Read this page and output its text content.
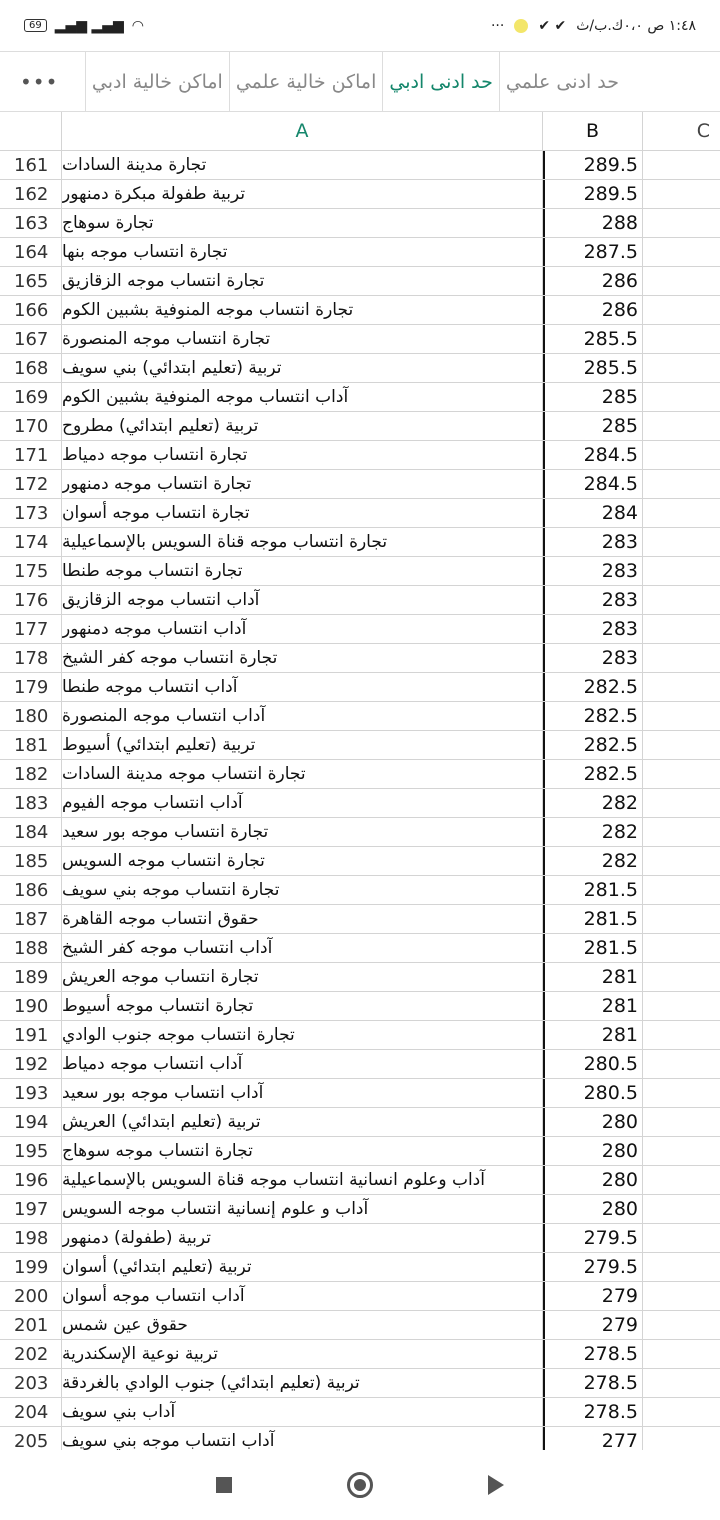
69 ▂▄▆ ▂▄▆ ◠	··· ✔ ✔ ١:٤٨ ص ٠،٠ك.ب/ث
حد ادنى علمي
حد ادنى ادبي
اماكن خالية علمي
اماكن خالية ادبي
•••
A	B	C
161 تجارة مدينة السادات	289.5
162 تربية طفولة مبكرة دمنهور	289.5
163 تجارة سوهاج	288
164 تجارة انتساب موجه بنها	287.5
165 تجارة انتساب موجه الزقازيق	286
166 تجارة انتساب موجه المنوفية بشبين الكوم	286
167 تجارة انتساب موجه المنصورة	285.5
168 تربية (تعليم ابتدائي) بني سويف	285.5
169 آداب انتساب موجه المنوفية بشبين الكوم	285
170 تربية (تعليم ابتدائي) مطروح	285
171 تجارة انتساب موجه دمياط	284.5
172 تجارة انتساب موجه دمنهور	284.5
173 تجارة انتساب موجه أسوان	284
174 تجارة انتساب موجه قناة السويس بالإسماعيلية	283
175 تجارة انتساب موجه طنطا	283
176 آداب انتساب موجه الزقازيق	283
177 آداب انتساب موجه دمنهور	283
178 تجارة انتساب موجه كفر الشيخ	283
179 آداب انتساب موجه طنطا	282.5
180 آداب انتساب موجه المنصورة	282.5
181 تربية (تعليم ابتدائي) أسيوط	282.5
182 تجارة انتساب موجه مدينة السادات	282.5
183 آداب انتساب موجه الفيوم	282
184 تجارة انتساب موجه بور سعيد	282
185 تجارة انتساب موجه السويس	282
186 تجارة انتساب موجه بني سويف	281.5
187 حقوق انتساب موجه القاهرة	281.5
188 آداب انتساب موجه كفر الشيخ	281.5
189 تجارة انتساب موجه العريش	281
190 تجارة انتساب موجه أسيوط	281
191 تجارة انتساب موجه جنوب الوادي	281
192 آداب انتساب موجه دمياط	280.5
193 آداب انتساب موجه بور سعيد	280.5
194 تربية (تعليم ابتدائي) العريش	280
195 تجارة انتساب موجه سوهاج	280
196 آداب وعلوم انسانية انتساب موجه قناة السويس بالإسماعيلية	280
197 آداب و علوم إنسانية انتساب موجه السويس	280
198 تربية (طفولة) دمنهور	279.5
199 تربية (تعليم ابتدائي) أسوان	279.5
200 آداب انتساب موجه أسوان	279
201 حقوق عين شمس	279
202 تربية نوعية الإسكندرية	278.5
203 تربية (تعليم ابتدائي) جنوب الوادي بالغردقة	278.5
204 آداب بني سويف	278.5
205 آداب انتساب موجه بني سويف	277
